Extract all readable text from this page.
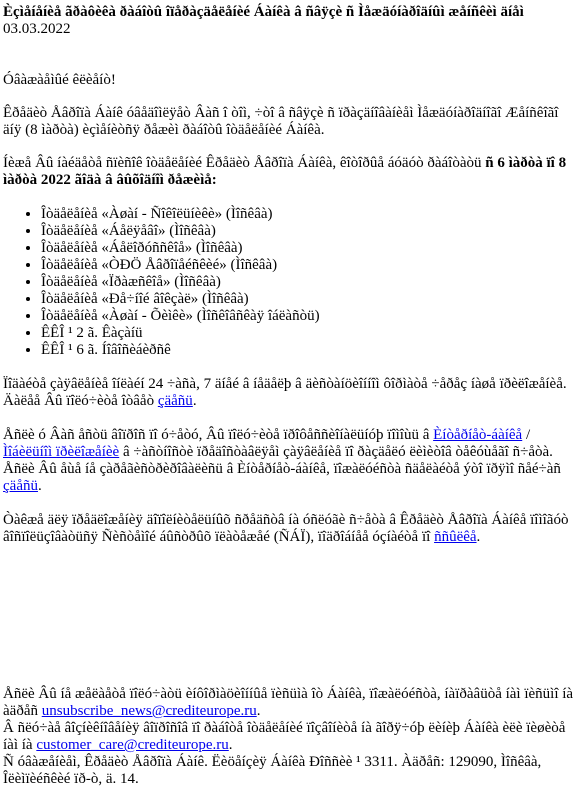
Èçìåíåíèå ãðàôèêà ðàáîòû îïåðàçäåëåíèé Áàíêà â ñâÿçè ñ Ìåæäóíàðîäíûì æåíñêèì äíåì

03.03.2022

Óâàæàåìûé êëèåíò!

Êðåäèò Åâðîïà Áàíê óâåäîìëÿåò Âàñ î òîì, ÷òî â ñâÿçè ñ ïðàçäíîâàíèåì Ìåæäóíàðîäíîãî Æåíñêîãî äíÿ (8 ìàðòà) èçìåíèòñÿ ðåæèì ðàáîòû îòäåëåíèé Áàíêà.

Íèæå Âû íàéäåòå ñïèñîê îòäåëåíèé Êðåäèò Åâðîïà Áàíêà, êîòîðûå áóäóò ðàáîòàòü ñ 6 ìàðòà ïî 8 ìàðòà 2022 ãîäà â âûõîäíîì ðåæèìå:

• Îòäåëåíèå «Àøàí - Ñîêîëüíèêè» (Ìîñêâà)
• Îòäåëåíèå «Áåëÿåâî» (Ìîñêâà)
• Îòäåëåíèå «Áåëîðóññêîå» (Ìîñêâà)
• Îòäåëåíèå «ÒÐÖ Åâðîïåéñêèé» (Ìîñêâà)
• Îòäåëåíèå «Ïðàæñêîå» (Ìîñêâà)
• Îòäåëåíèå «Ðå÷íîé âîêçàë» (Ìîñêâà)
• Îòäåëåíèå «Àøàí - Õèìêè» (Ìîñêîâñêàÿ îáëàñòü)
• ÊÊÎ ¹ 2 ã. Êàçàíü
• ÊÊÎ ¹ 6 ã. Íîâîñèáèðñê

Ïîäàéòå çàÿâëåíèå îíëàéí 24 ÷àñà, 7 äíåé â íåäåëþ â äèñòàíöèîííîì ôîðìàòå ÷åðåç íàøå ïðèëîæåíèå. Äàëåå Âû ïîëó÷èòå îòâåò çäåñü.

Åñëè ó Âàñ åñòü âîïðîñ ïî ó÷åòó, Âû ïîëó÷èòå ïðîôåññèîíàëüíóþ ïîìîùü â Èíòåðíåò-áàíêå / Ìîáèëüíîì ïðèëîæåíèè â ÷àñòíîñòè ïðåäîñòàâëÿåì çàÿâëåíèå ïî ðàçäåëó ëèìèòîâ òåêóùåãî ñ÷åòà. Åñëè Âû åùå íå çàðåãèñòðèðîâàëèñü â Èíòåðíåò-áàíêå, ïîæàëóéñòà ñäåëàéòå ýòî ïðÿìî ñåé÷àñ çäåñü.

Òàêæå äëÿ ïðåäëîæåíèÿ äîïîëíèòåëüíûõ ñðåäñòâ íà óñëóãè ñ÷åòà â Êðåäèò Åâðîïà Áàíêå ïîìîãóò âîñïîëüçîâàòüñÿ Ñèñòåìîé áûñòðûõ ïëàòåæåé (ÑÁÏ), ïîäðîáíåå óçíàéòå ïî ññûëêå.

Åñëè Âû íå æåëàåòå ïîëó÷àòü èíôîðìàöèîííûå ïèñüìà îò Áàíêà, ïîæàëóéñòà, íàïðàâüòå íàì ïèñüìî íà àäðåñ unsubscribe_news@crediteurope.ru.

Â ñëó÷àå âîçíèêíîâåíèÿ âîïðîñîâ ïî ðàáîòå îòäåëåíèé ïîçâîíèòå íà ãîðÿ÷óþ ëèíèþ Áàíêà èëè ïèøèòå íàì íà customer_care@crediteurope.ru.

Ñ óâàæåíèåì, Êðåäèò Åâðîïà Áàíê. Ëèöåíçèÿ Áàíêà Ðîññèè ¹ 3311. Àäðåñ: 129090, Ìîñêâà, Îëèìïèéñêèé ïð-ò, ä. 14.
